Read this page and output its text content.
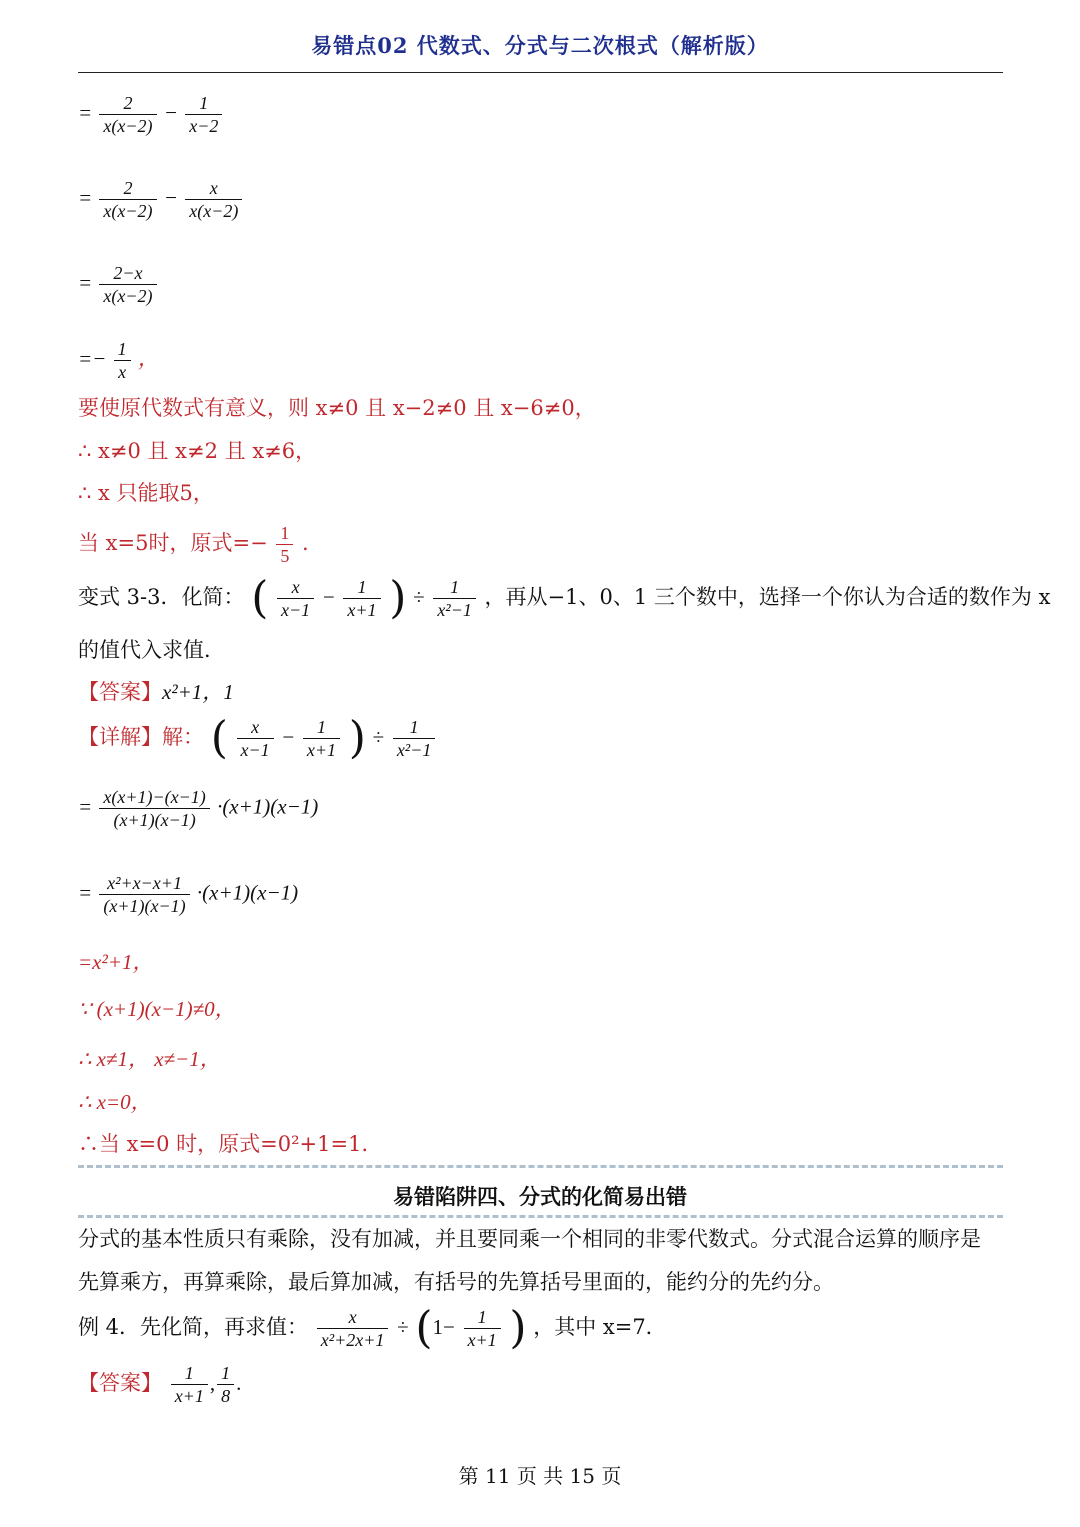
易错点02 代数式、分式与二次根式（解析版）
= $\frac{2}{x(x-2)} - \frac{1}{x-2}$
= $\frac{2}{x(x-2)} - \frac{x}{x(x-2)}$
= $\frac{2-x}{x(x-2)}$
=− $\frac{1}{x}$ ，
要使原代数式有意义，则 x≠0 且 x−2≠0 且 x−6≠0，
∴ x≠0 且 x≠2 且 x≠6，
∴ x 只能取5，
当 x=5时，原式=− $\frac{1}{5}$ .
变式 3-3．化简： ( $\frac{x}{x-1} - \frac{1}{x+1}$ ) ÷ $\frac{1}{\text{x²−1}}$ ，再从−1、0、1 三个数中，选择一个你认为合适的数作为 x
的值代入求值．
【答案】x²+1，1
【详解】解： ( $\frac{x}{x-1} - \frac{1}{x+1}$ ) ÷ $\frac{1}{\text{x²−1}}$
= $\frac{x(x+1)-(x-1)}{(x+1)(x-1)} \cdot(x+1)(x-1)$
= $\frac{\text{x²+x−x+1}}{(x+1)(x-1)} \cdot(x+1)(x-1)$
=x²+1，
∵ (x+1)(x−1)≠0，
∴ x≠1， x≠−1，
∴ x=0，
∴当 x=0 时，原式=0²+1=1．
易错陷阱四、分式的化简易出错
分式的基本性质只有乘除，没有加减，并且要同乘一个相同的非零代数式。分式混合运算的顺序是
先算乘方，再算乘除，最后算加减，有括号的先算括号里面的，能约分的先约分。
例 4．先化简，再求值： $\frac{x}{\text{x²+2x+1}} \div (1- \frac{1}{x+1}$ ) ，其中 x=7．
【答案】 $\frac{1}{x+1}$ , $\frac{1}{8}$ .
第 11 页 共 15 页
